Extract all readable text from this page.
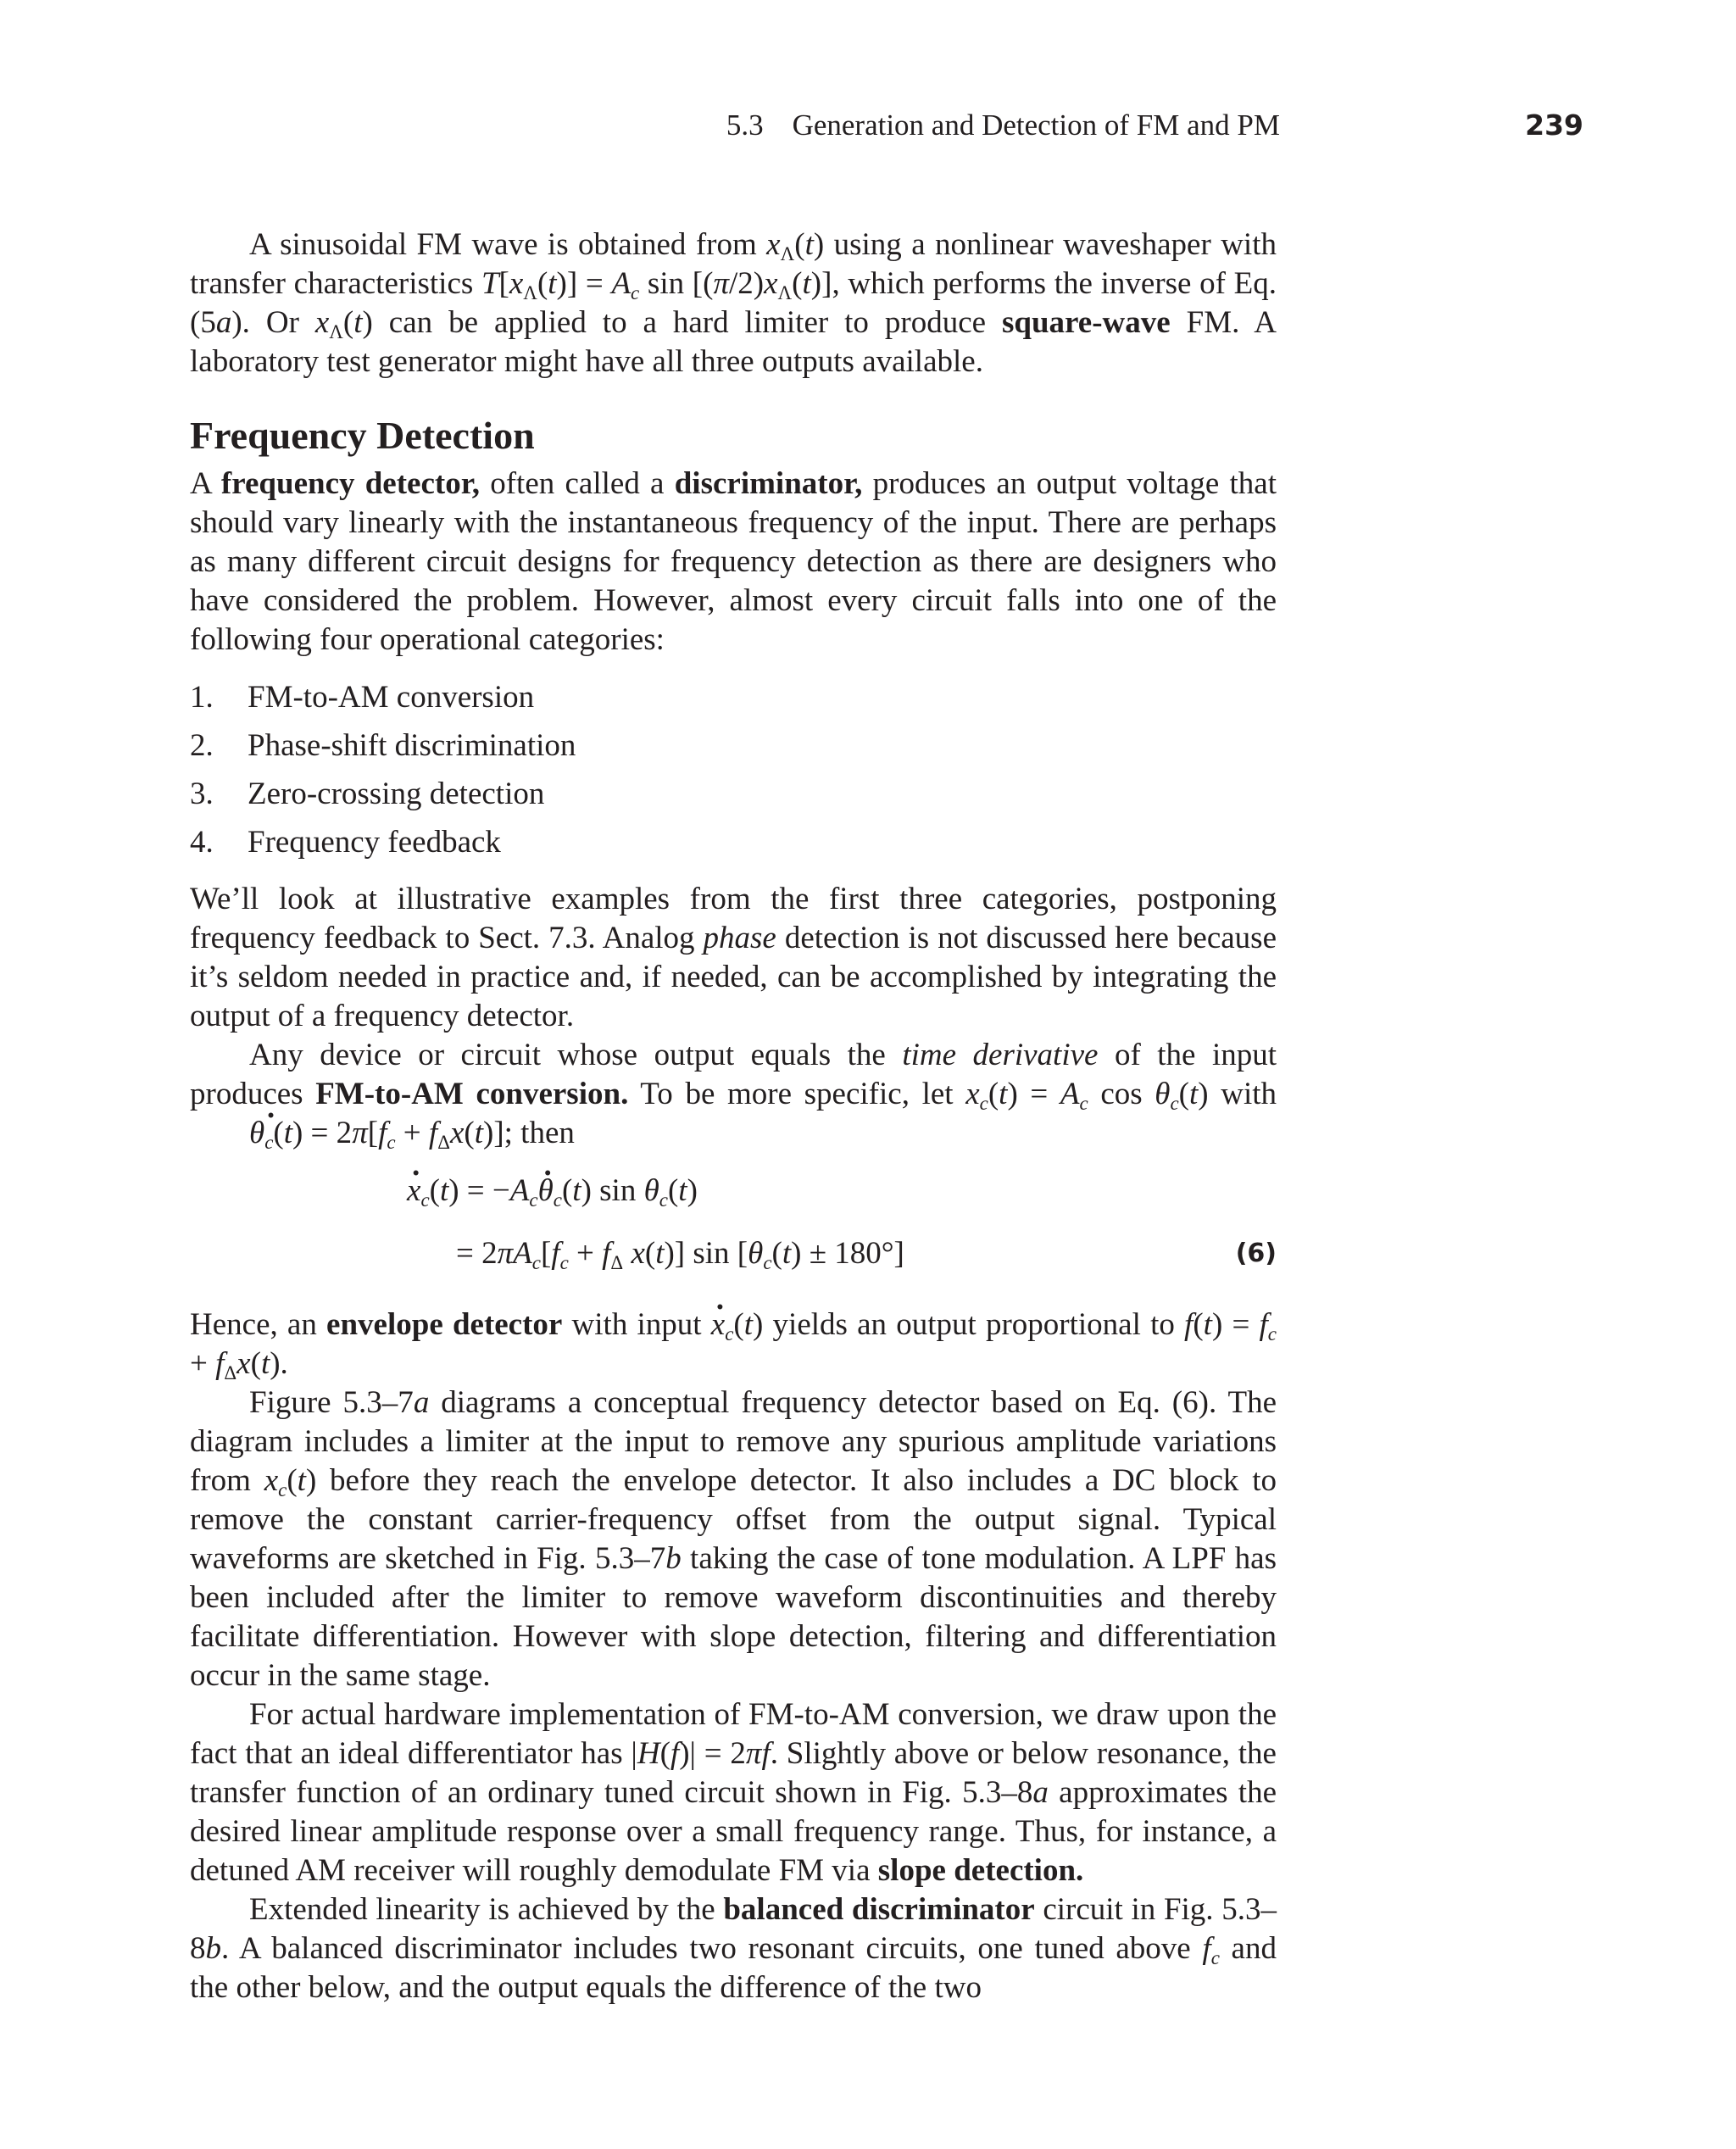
5.3 Generation and Detection of FM and PM	239

A sinusoidal FM wave is obtained from $x_\Lambda(t)$ using a nonlinear waveshaper with transfer characteristics $T[x_\Lambda(t)] = A_c$ $\sin [(\pi/2)x_\Lambda(t)]$, which performs the inverse of Eq. (5a). Or $x_\Lambda(t)$ can be applied to a hard limiter to produce square-wave FM. A laboratory test generator might have all three outputs available.

Frequency Detection

A frequency detector, often called a discriminator, produces an output voltage that should vary linearly with the instantaneous frequency of the input. There are perhaps as many different circuit designs for frequency detection as there are designers who have considered the problem. However, almost every circuit falls into one of the following four operational categories:

1. FM-to-AM conversion
2. Phase-shift discrimination
3. Zero-crossing detection
4. Frequency feedback

We’ll look at illustrative examples from the first three categories, postponing frequency feedback to Sect. 7.3. Analog phase detection is not discussed here because it’s seldom needed in practice and, if needed, can be accomplished by integrating the output of a frequency detector.

Any device or circuit whose output equals the time derivative of the input produces FM-to-AM conversion. To be more specific, let $x_c(t) = A_c$ $\cos \theta_c(t)$ with $\theta \cdot_c(t) = 2\pi[f_c + f_\Delta x(t)]$; then

$x \cdot_c(t) = -A_c\theta \cdot_c(t)$ $\sin \theta_c(t)$
= $2\pi A_c[f_c + f_\Delta$ x(t)] $\sin [\theta_c(t) \pm 180^\circ]$	(6)

Hence, an envelope detector with input $x \cdot_c(t)$ yields an output proportional to $f(t) = f_c + f_\Delta x(t)$.

Figure 5.3–7a diagrams a conceptual frequency detector based on Eq. (6). The diagram includes a limiter at the input to remove any spurious amplitude variations from $x_c(t)$ before they reach the envelope detector. It also includes a DC block to remove the constant carrier-frequency offset from the output signal. Typical waveforms are sketched in Fig. 5.3–7b taking the case of tone modulation. A LPF has been included after the limiter to remove waveform discontinuities and thereby facilitate differentiation. However with slope detection, filtering and differentiation occur in the same stage.

For actual hardware implementation of FM-to-AM conversion, we draw upon the fact that an ideal differentiator has |H(f)| = 2πf. Slightly above or below resonance, the transfer function of an ordinary tuned circuit shown in Fig. 5.3–8a approximates the desired linear amplitude response over a small frequency range. Thus, for instance, a detuned AM receiver will roughly demodulate FM via slope detection.

Extended linearity is achieved by the balanced discriminator circuit in Fig. 5.3–8b. A balanced discriminator includes two resonant circuits, one tuned above $f_c$ and the other below, and the output equals the difference of the two
